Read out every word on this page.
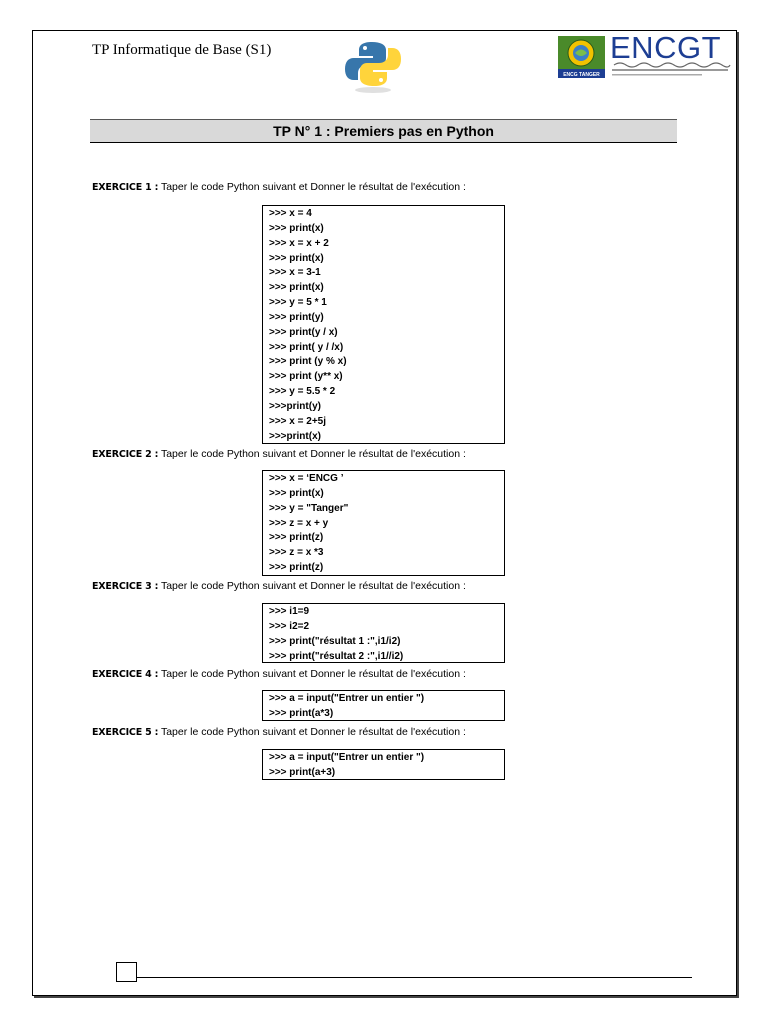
TP Informatique de Base (S1)
ENCG TANGER
ENCGT
TP N° 1 : Premiers pas en Python
EXERCICE 1 : Taper le code Python suivant et Donner le résultat de l'exécution :
>>> x = 4
>>> print(x)
>>> x = x + 2
>>> print(x)
>>> x = 3-1
>>> print(x)
>>> y = 5 * 1
>>> print(y)
>>> print(y / x)
>>> print( y / /x)
>>> print (y % x)
>>> print (y** x)
>>> y = 5.5 * 2
>>>print(y)
>>> x = 2+5j
>>>print(x)
EXERCICE 2 : Taper le code Python suivant et Donner le résultat de l'exécution :
>>> x = ‘ENCG ’
>>> print(x)
>>> y = "Tanger"
>>> z = x + y
>>> print(z)
>>> z = x *3
>>> print(z)
EXERCICE 3 : Taper le code Python suivant et Donner le résultat de l'exécution :
>>> i1=9
>>> i2=2
>>> print("résultat 1 :",i1/i2)
>>> print("résultat 2 :",i1//i2)
EXERCICE 4 : Taper le code Python suivant et Donner le résultat de l'exécution :
>>> a = input("Entrer un entier ")
>>> print(a*3)
EXERCICE 5 : Taper le code Python suivant et Donner le résultat de l'exécution :
>>> a = input("Entrer un entier ")
>>> print(a+3)
